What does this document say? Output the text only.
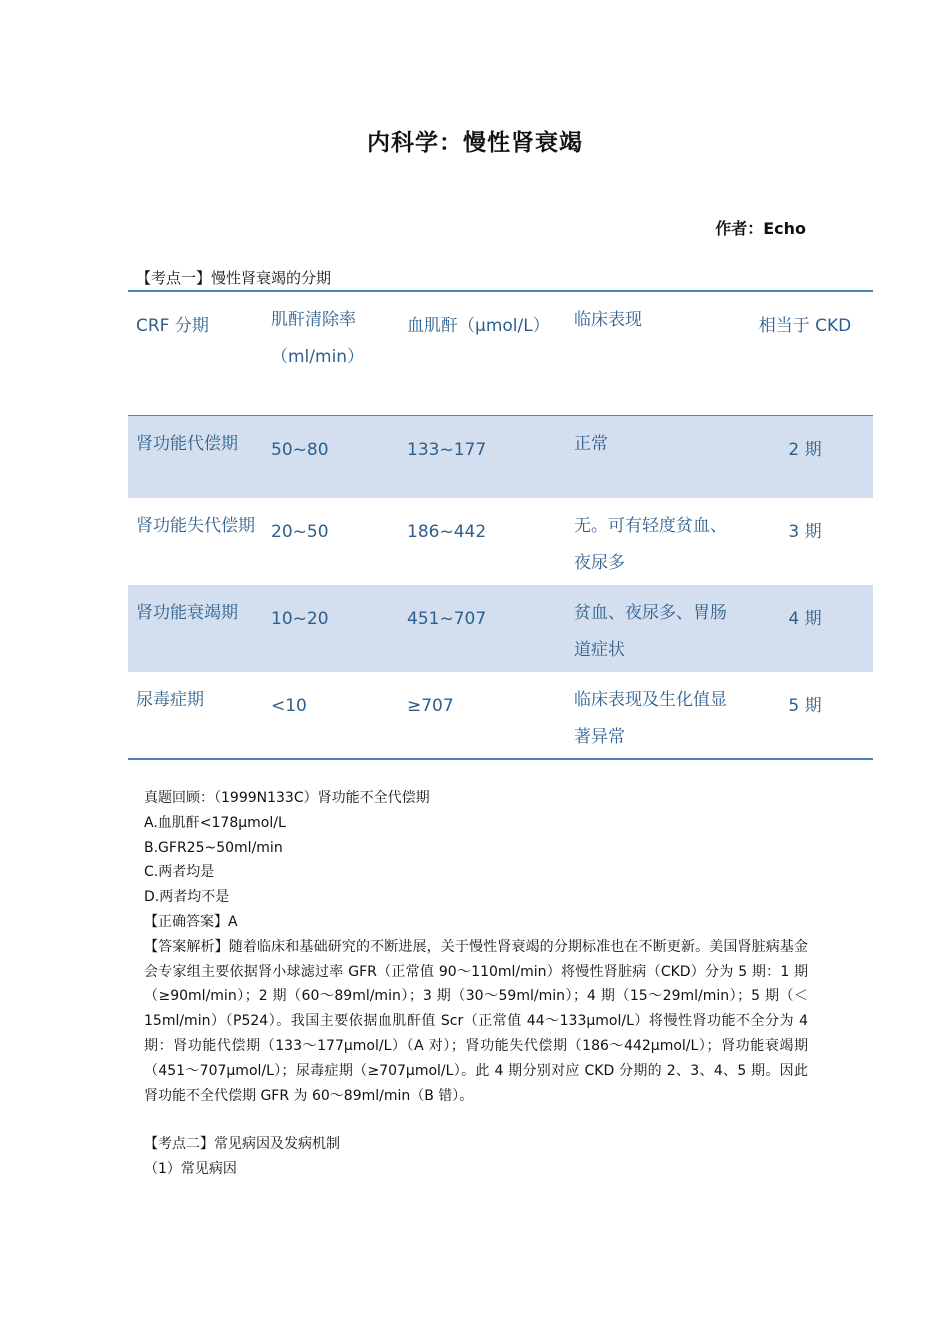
内科学：慢性肾衰竭
作者：Echo
【考点一】慢性肾衰竭的分期
CRF 分期	肌酐清除率（ml/min）	血肌酐（μmol/L）	临床表现	相当于 CKD
肾功能代偿期	50~80	133~177	正常	2 期
肾功能失代偿期	20~50	186~442	无。可有轻度贫血、夜尿多	3 期
肾功能衰竭期	10~20	451~707	贫血、夜尿多、胃肠道症状	4 期
尿毒症期	<10	≥707	临床表现及生化值显著异常	5 期

真题回顾：（1999N133C）肾功能不全代偿期

A.血肌酐<178μmol/L

B.GFR25~50ml/min

C.两者均是

D.两者均不是

【正确答案】A

【答案解析】随着临床和基础研究的不断进展，关于慢性肾衰竭的分期标准也在不断更新。美国肾脏病基金会专家组主要依据肾小球滤过率 GFR（正常值 90～110ml/min）将慢性肾脏病（CKD）分为 5 期：1 期（≥90ml/min）；2 期（60～89ml/min）；3 期（30～59ml/min）；4 期（15～29ml/min）；5 期（＜15ml/min）（P524）。我国主要依据血肌酐值 Scr（正常值 44～133μmol/L）将慢性肾功能不全分为 4 期：肾功能代偿期（133～177μmol/L）（A 对）；肾功能失代偿期（186～442μmol/L）；肾功能衰竭期（451～707μmol/L）；尿毒症期（≥707μmol/L）。此 4 期分别对应 CKD 分期的 2、3、4、5 期。因此肾功能不全代偿期 GFR 为 60～89ml/min（B 错）。

【考点二】常见病因及发病机制

（1）常见病因
